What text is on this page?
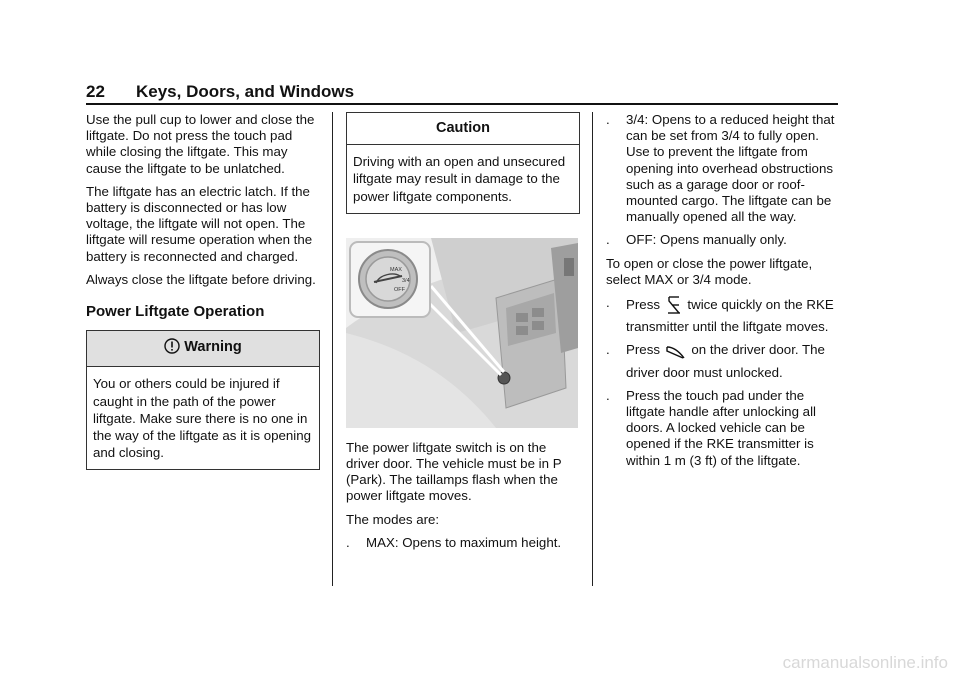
22 Keys, Doors, and Windows

Use the pull cup to lower and close the liftgate. Do not press the touch pad while closing the liftgate. This may cause the liftgate to be unlatched.

The liftgate has an electric latch. If the battery is disconnected or has low voltage, the liftgate will not open. The liftgate will resume operation when the battery is reconnected and charged.

Always close the liftgate before driving.

Power Liftgate Operation
Warning
You or others could be injured if caught in the path of the power liftgate. Make sure there is no one in the way of the liftgate as it is opening and closing.
Caution
Driving with an open and unsecured liftgate may result in damage to the power liftgate components.
MAX
3/4
OFF

The power liftgate switch is on the driver door. The vehicle must be in P (Park). The taillamps flash when the power liftgate moves.

The modes are:

. MAX: Opens to maximum height.
. 3/4: Opens to a reduced height that can be set from 3/4 to fully open. Use to prevent the liftgate from opening into overhead obstructions such as a garage door or roof-mounted cargo. The liftgate can be manually opened all the way.
. OFF: Opens manually only.

To open or close the power liftgate, select MAX or 3/4 mode.

. Press twice quickly on the RKE transmitter until the liftgate moves.
. Press on the driver door. The driver door must unlocked.
. Press the touch pad under the liftgate handle after unlocking all doors. A locked vehicle can be opened if the RKE transmitter is within 1 m (3 ft) of the liftgate.
carmanualsonline.info
